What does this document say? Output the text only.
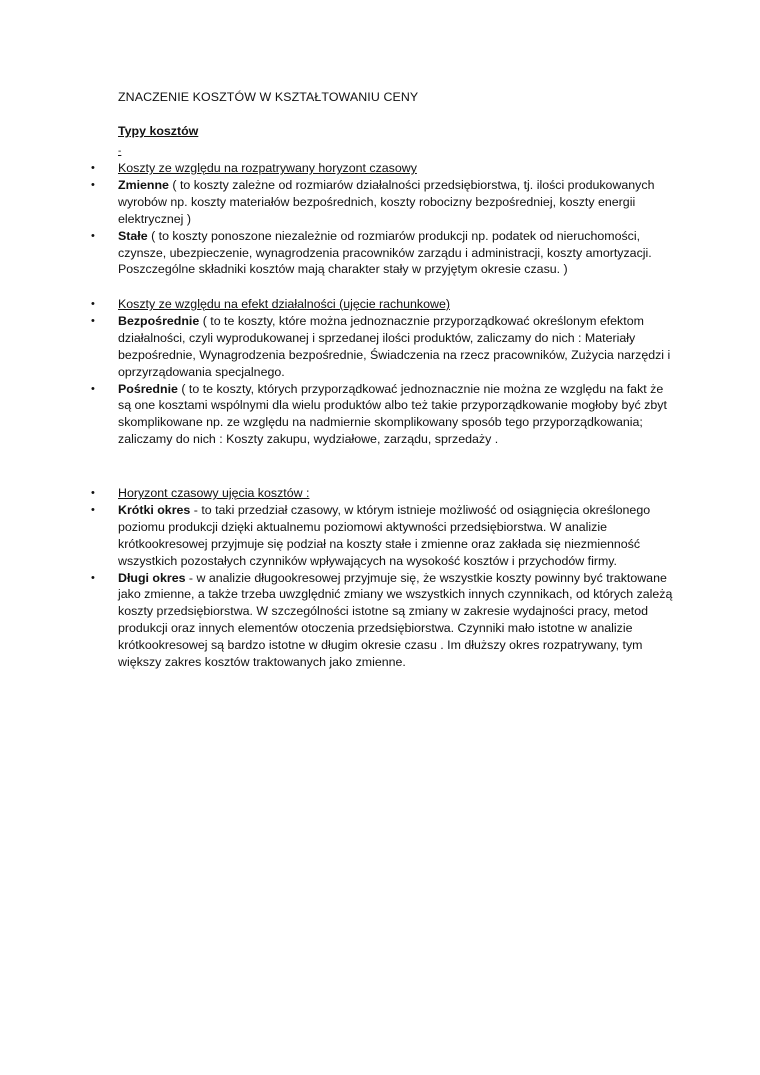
ZNACZENIE KOSZTÓW W KSZTAŁTOWANIU CENY
Typy kosztów
-

• Koszty ze względu na rozpatrywany horyzont czasowy

• Zmienne ( to koszty zależne od rozmiarów działalności przedsiębiorstwa, tj. ilości produkowanych wyrobów np. koszty materiałów bezpośrednich, koszty robocizny bezpośredniej, koszty energii elektrycznej )

• Stałe ( to koszty ponoszone niezależnie od rozmiarów produkcji np. podatek od nieruchomości, czynsze, ubezpieczenie, wynagrodzenia pracowników zarządu i administracji, koszty amortyzacji. Poszczególne składniki kosztów mają charakter stały w przyjętym okresie czasu. )

• Koszty ze względu na efekt działalności (ujęcie rachunkowe)

• Bezpośrednie ( to te koszty, które można jednoznacznie przyporządkować określonym efektom działalności, czyli wyprodukowanej i sprzedanej ilości produktów, zaliczamy do nich : Materiały bezpośrednie, Wynagrodzenia bezpośrednie, Świadczenia na rzecz pracowników, Zużycia narzędzi i oprzyrządowania specjalnego.

• Pośrednie ( to te koszty, których przyporządkować jednoznacznie nie można ze względu na fakt że są one kosztami wspólnymi dla wielu produktów albo też takie przyporządkowanie mogłoby być zbyt skomplikowane np. ze względu na nadmiernie skomplikowany sposób tego przyporządkowania; zaliczamy do nich : Koszty zakupu, wydziałowe, zarządu, sprzedaży .

• Horyzont czasowy ujęcia kosztów :

• Krótki okres - to taki przedział czasowy, w którym istnieje możliwość od osiągnięcia określonego poziomu produkcji dzięki aktualnemu poziomowi aktywności przedsiębiorstwa. W analizie krótkookresowej przyjmuje się podział na koszty stałe i zmienne oraz zakłada się niezmienność wszystkich pozostałych czynników wpływających na wysokość kosztów i przychodów firmy.

• Długi okres - w analizie długookresowej przyjmuje się, że wszystkie koszty powinny być traktowane jako zmienne, a także trzeba uwzględnić zmiany we wszystkich innych czynnikach, od których zależą koszty przedsiębiorstwa. W szczególności istotne są zmiany w zakresie wydajności pracy, metod produkcji oraz innych elementów otoczenia przedsiębiorstwa. Czynniki mało istotne w analizie krótkookresowej są bardzo istotne w długim okresie czasu . Im dłuższy okres rozpatrywany, tym większy zakres kosztów traktowanych jako zmienne.
